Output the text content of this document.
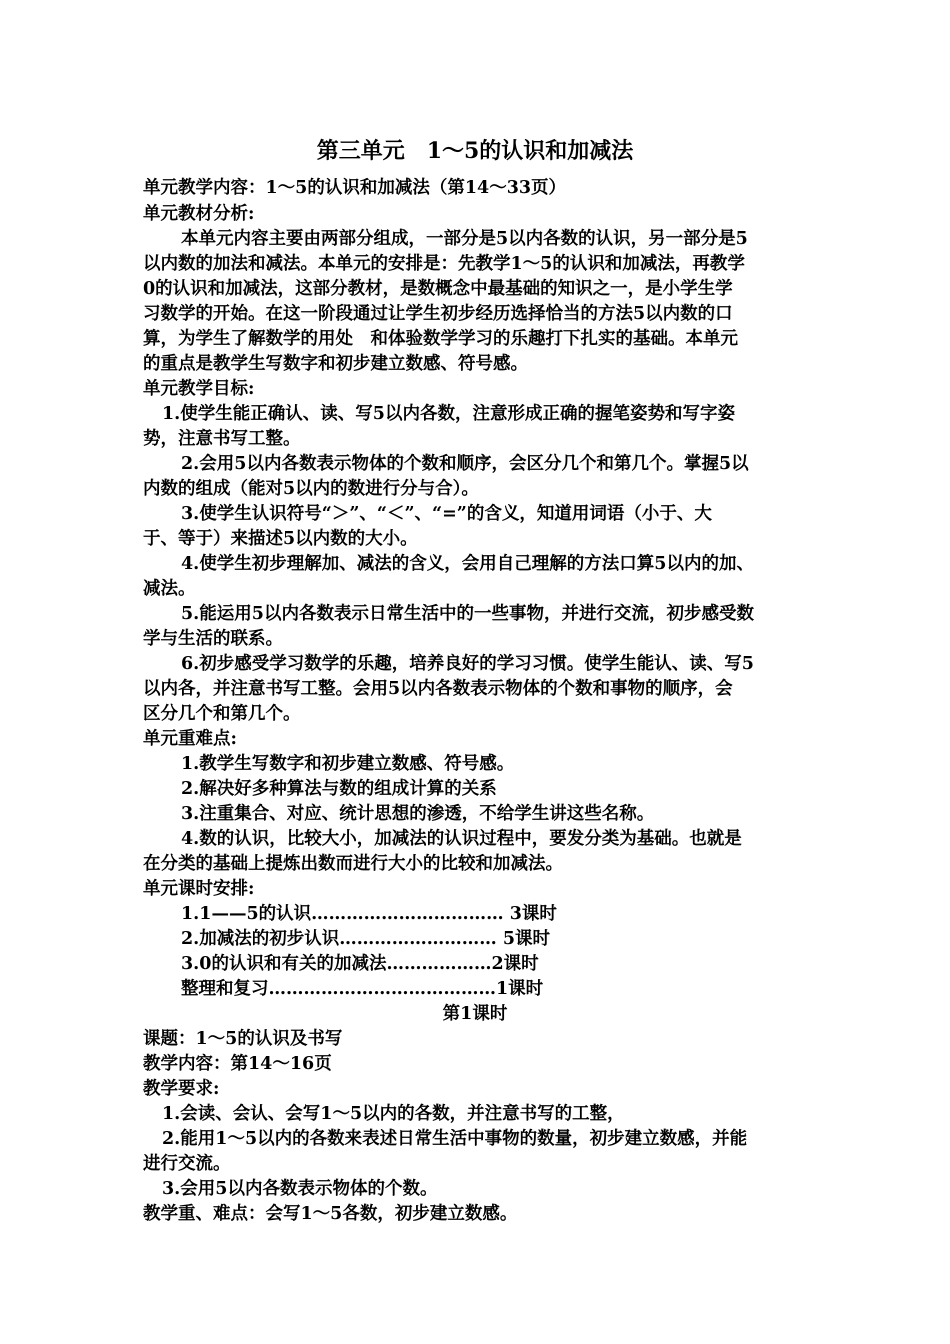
第三单元　1～5的认识和加减法
单元教学内容：1～5的认识和加减法（第14～33页）
单元教材分析:
本单元内容主要由两部分组成，一部分是5以内各数的认识，另一部分是5
以内数的加法和减法。本单元的安排是：先教学1～5的认识和加减法，再教学
0的认识和加减法，这部分教材，是数概念中最基础的知识之一，是小学生学
习数学的开始。在这一阶段通过让学生初步经历选择恰当的方法5以内数的口
算，为学生了解数学的用处　和体验数学学习的乐趣打下扎实的基础。本单元
的重点是教学生写数字和初步建立数感、符号感。
单元教学目标:
1.使学生能正确认、读、写5以内各数，注意形成正确的握笔姿势和写字姿
势，注意书写工整。
2.会用5以内各数表示物体的个数和顺序，会区分几个和第几个。掌握5以
内数的组成（能对5以内的数进行分与合）。
3.使学生认识符号“＞”、“＜”、“=”的含义，知道用词语（小于、大
于、等于）来描述5以内数的大小。
4.使学生初步理解加、减法的含义，会用自己理解的方法口算5以内的加、
减法。
5.能运用5以内各数表示日常生活中的一些事物，并进行交流，初步感受数
学与生活的联系。
6.初步感受学习数学的乐趣，培养良好的学习习惯。使学生能认、读、写5
以内各，并注意书写工整。会用5以内各数表示物体的个数和事物的顺序，会
区分几个和第几个。
单元重难点:
1.教学生写数字和初步建立数感、符号感。
2.解决好多种算法与数的组成计算的关系
3.注重集合、对应、统计思想的渗透，不给学生讲这些名称。
4.数的认识，比较大小，加减法的认识过程中，要发分类为基础。也就是
在分类的基础上提炼出数而进行大小的比较和加减法。
单元课时安排:
1.1——5的认识…………………………… 3课时
2.加减法的初步认识……………………… 5课时
3.0的认识和有关的加减法………………2课时
整理和复习…………………………………1课时
第1课时
课题：1～5的认识及书写
教学内容：第14～16页
教学要求:
1.会读、会认、会写1～5以内的各数，并注意书写的工整，
2.能用1～5以内的各数来表述日常生活中事物的数量，初步建立数感，并能
进行交流。
3.会用5以内各数表示物体的个数。
教学重、难点：会写1～5各数，初步建立数感。
